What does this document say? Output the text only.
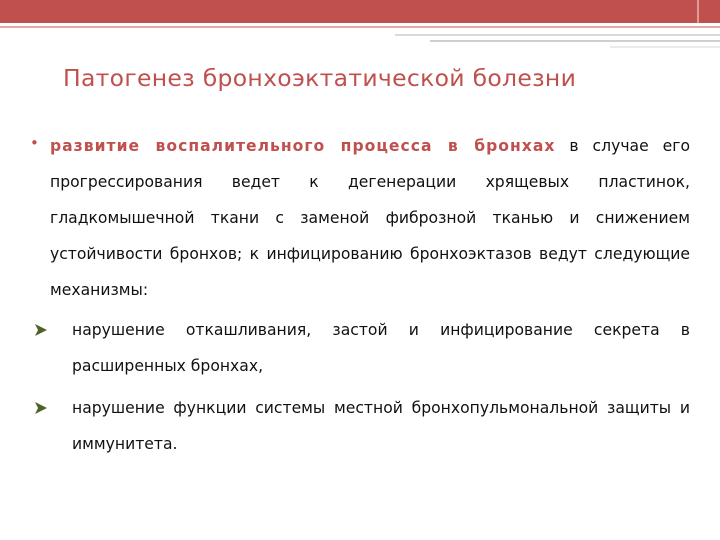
Патогенез бронхоэктатической болезни
• развитие воспалительного процесса в бронхах в случае его прогрессирования ведет к дегенерации хрящевых пластинок, гладкомышечной ткани с заменой фиброзной тканью и снижением устойчивости бронхов; к инфицированию бронхоэктазов ведут следующие механизмы:
нарушение откашливания, застой и инфицирование секрета в расширенных бронхах,
нарушение функции системы местной бронхопульмональной защиты и иммунитета.
